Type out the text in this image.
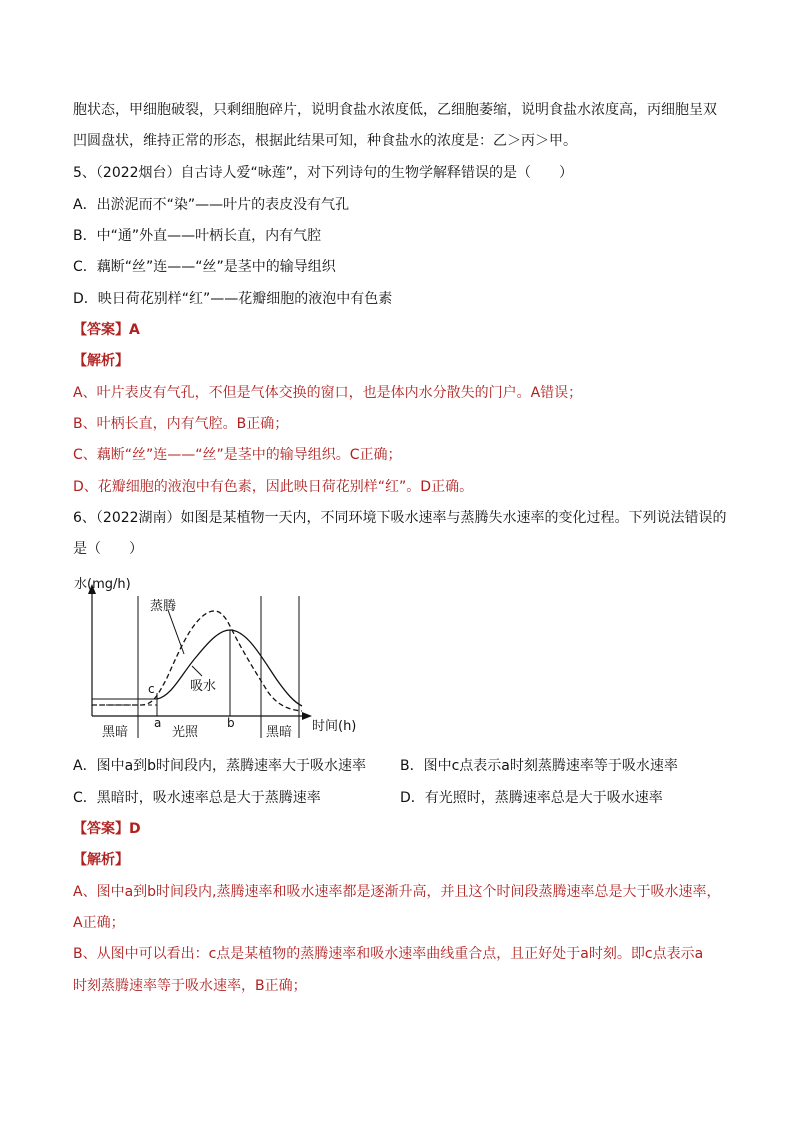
胞状态，甲细胞破裂，只剩细胞碎片，说明食盐水浓度低，乙细胞萎缩，说明食盐水浓度高，丙细胞呈双
凹圆盘状，维持正常的形态，根据此结果可知，种食盐水的浓度是：乙＞丙＞甲。
5、（2022烟台）自古诗人爱“咏莲”，对下列诗句的生物学解释错误的是（　　）
A．出淤泥而不“染”——叶片的表皮没有气孔
B．中“通”外直——叶柄长直，内有气腔
C．藕断“丝”连——“丝”是茎中的输导组织
D．映日荷花别样“红”——花瓣细胞的液泡中有色素
【答案】A
【解析】
A、叶片表皮有气孔，不但是气体交换的窗口，也是体内水分散失的门户。A错误；
B、叶柄长直，内有气腔。B正确；
C、藕断“丝”连——“丝”是茎中的输导组织。C正确；
D、花瓣细胞的液泡中有色素，因此映日荷花别样“红”。D正确。
6、（2022湖南）如图是某植物一天内，不同环境下吸水速率与蒸腾失水速率的变化过程。下列说法错误的
是（　　）
水(mg/h)
时间(h)
蒸腾
吸水
c
a	b
黑暗	光照	黑暗
A．图中a到b时间段内，蒸腾速率大于吸水速率 B．图中c点表示a时刻蒸腾速率等于吸水速率
C．黑暗时，吸水速率总是大于蒸腾速率	D．有光照时，蒸腾速率总是大于吸水速率
【答案】D
【解析】
A、图中a到b时间段内,蒸腾速率和吸水速率都是逐渐升高，并且这个时间段蒸腾速率总是大于吸水速率，
A正确；
B、从图中可以看出：c点是某植物的蒸腾速率和吸水速率曲线重合点，且正好处于a时刻。即c点表示a
时刻蒸腾速率等于吸水速率，B正确；
